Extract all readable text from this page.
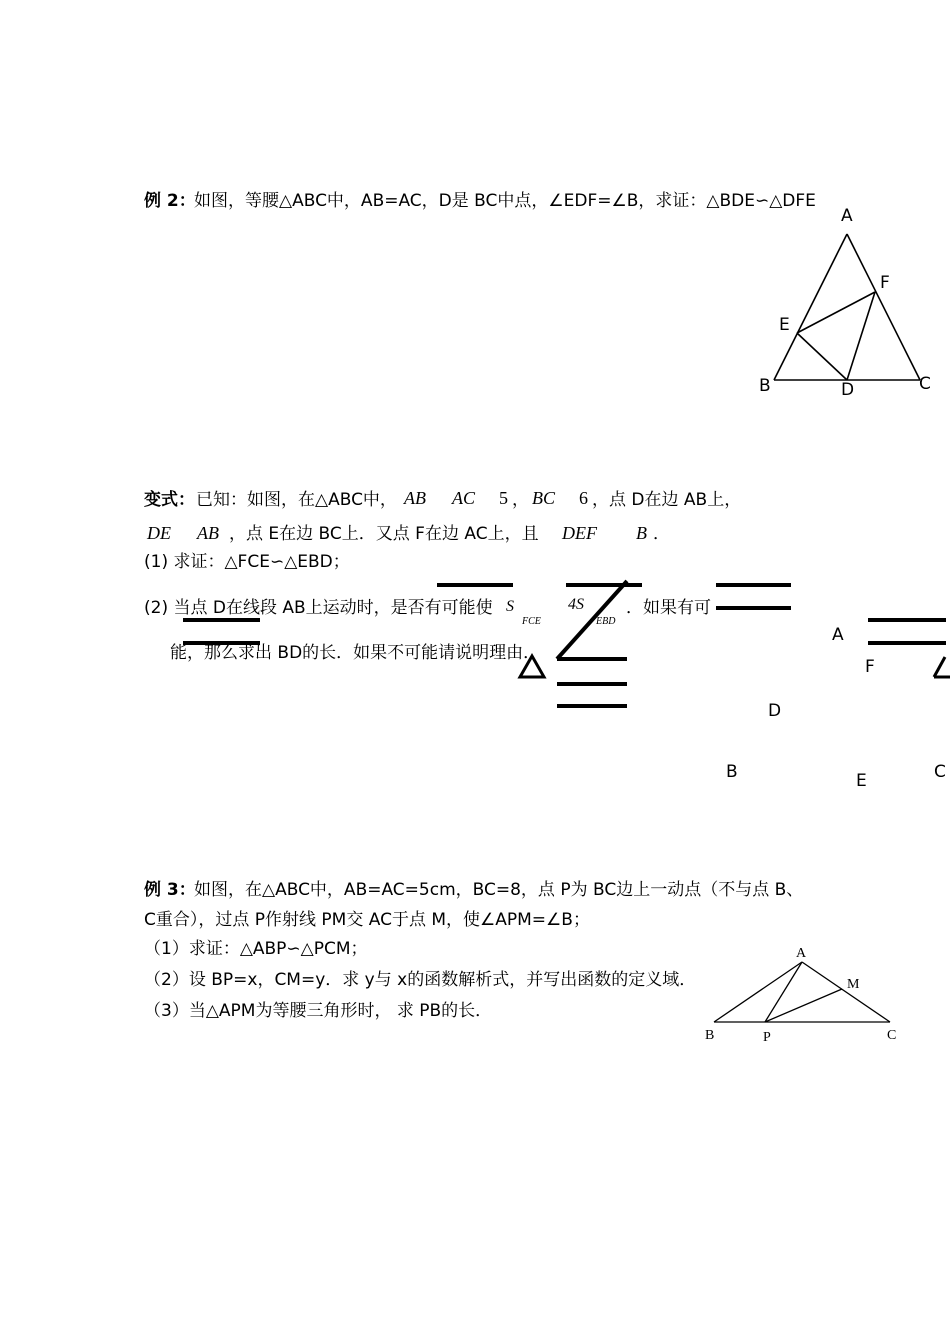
例 2：
如图，等腰△ABC中，AB=AC，D是 BC中点，∠EDF=∠B，求证：△BDE∽△DFE
A
F
E
B	D	C
变式： 已知：如图，在△ABC中， AB AC 5 ， BC 6 ，点 D在边 AB上，
DE AB ，点 E在边 BC上．又点 F在边 AC上，且 DEF B ．
(1) 求证：△FCE∽△EBD；
(2) 当点 D在线段 AB上运动时，是否有可能使 S
FCE
4S
EBD
．如果有可
能，那么求出 BD的长．如果不可能请说明理由．
A
F
D
B	E	C
例 3：
如图，在△ABC中，AB=AC=5cm，BC=8，点 P为 BC边上一动点（不与点 B、
C重合），过点 P作射线 PM交 AC于点 M，使∠APM=∠B；
（1）求证：△ABP∽△PCM；
（2）设 BP=x，CM=y．求 y与 x的函数解析式，并写出函数的定义域．
（3）当△APM为等腰三角形时， 求 PB的长．
A
M
B	P	C
